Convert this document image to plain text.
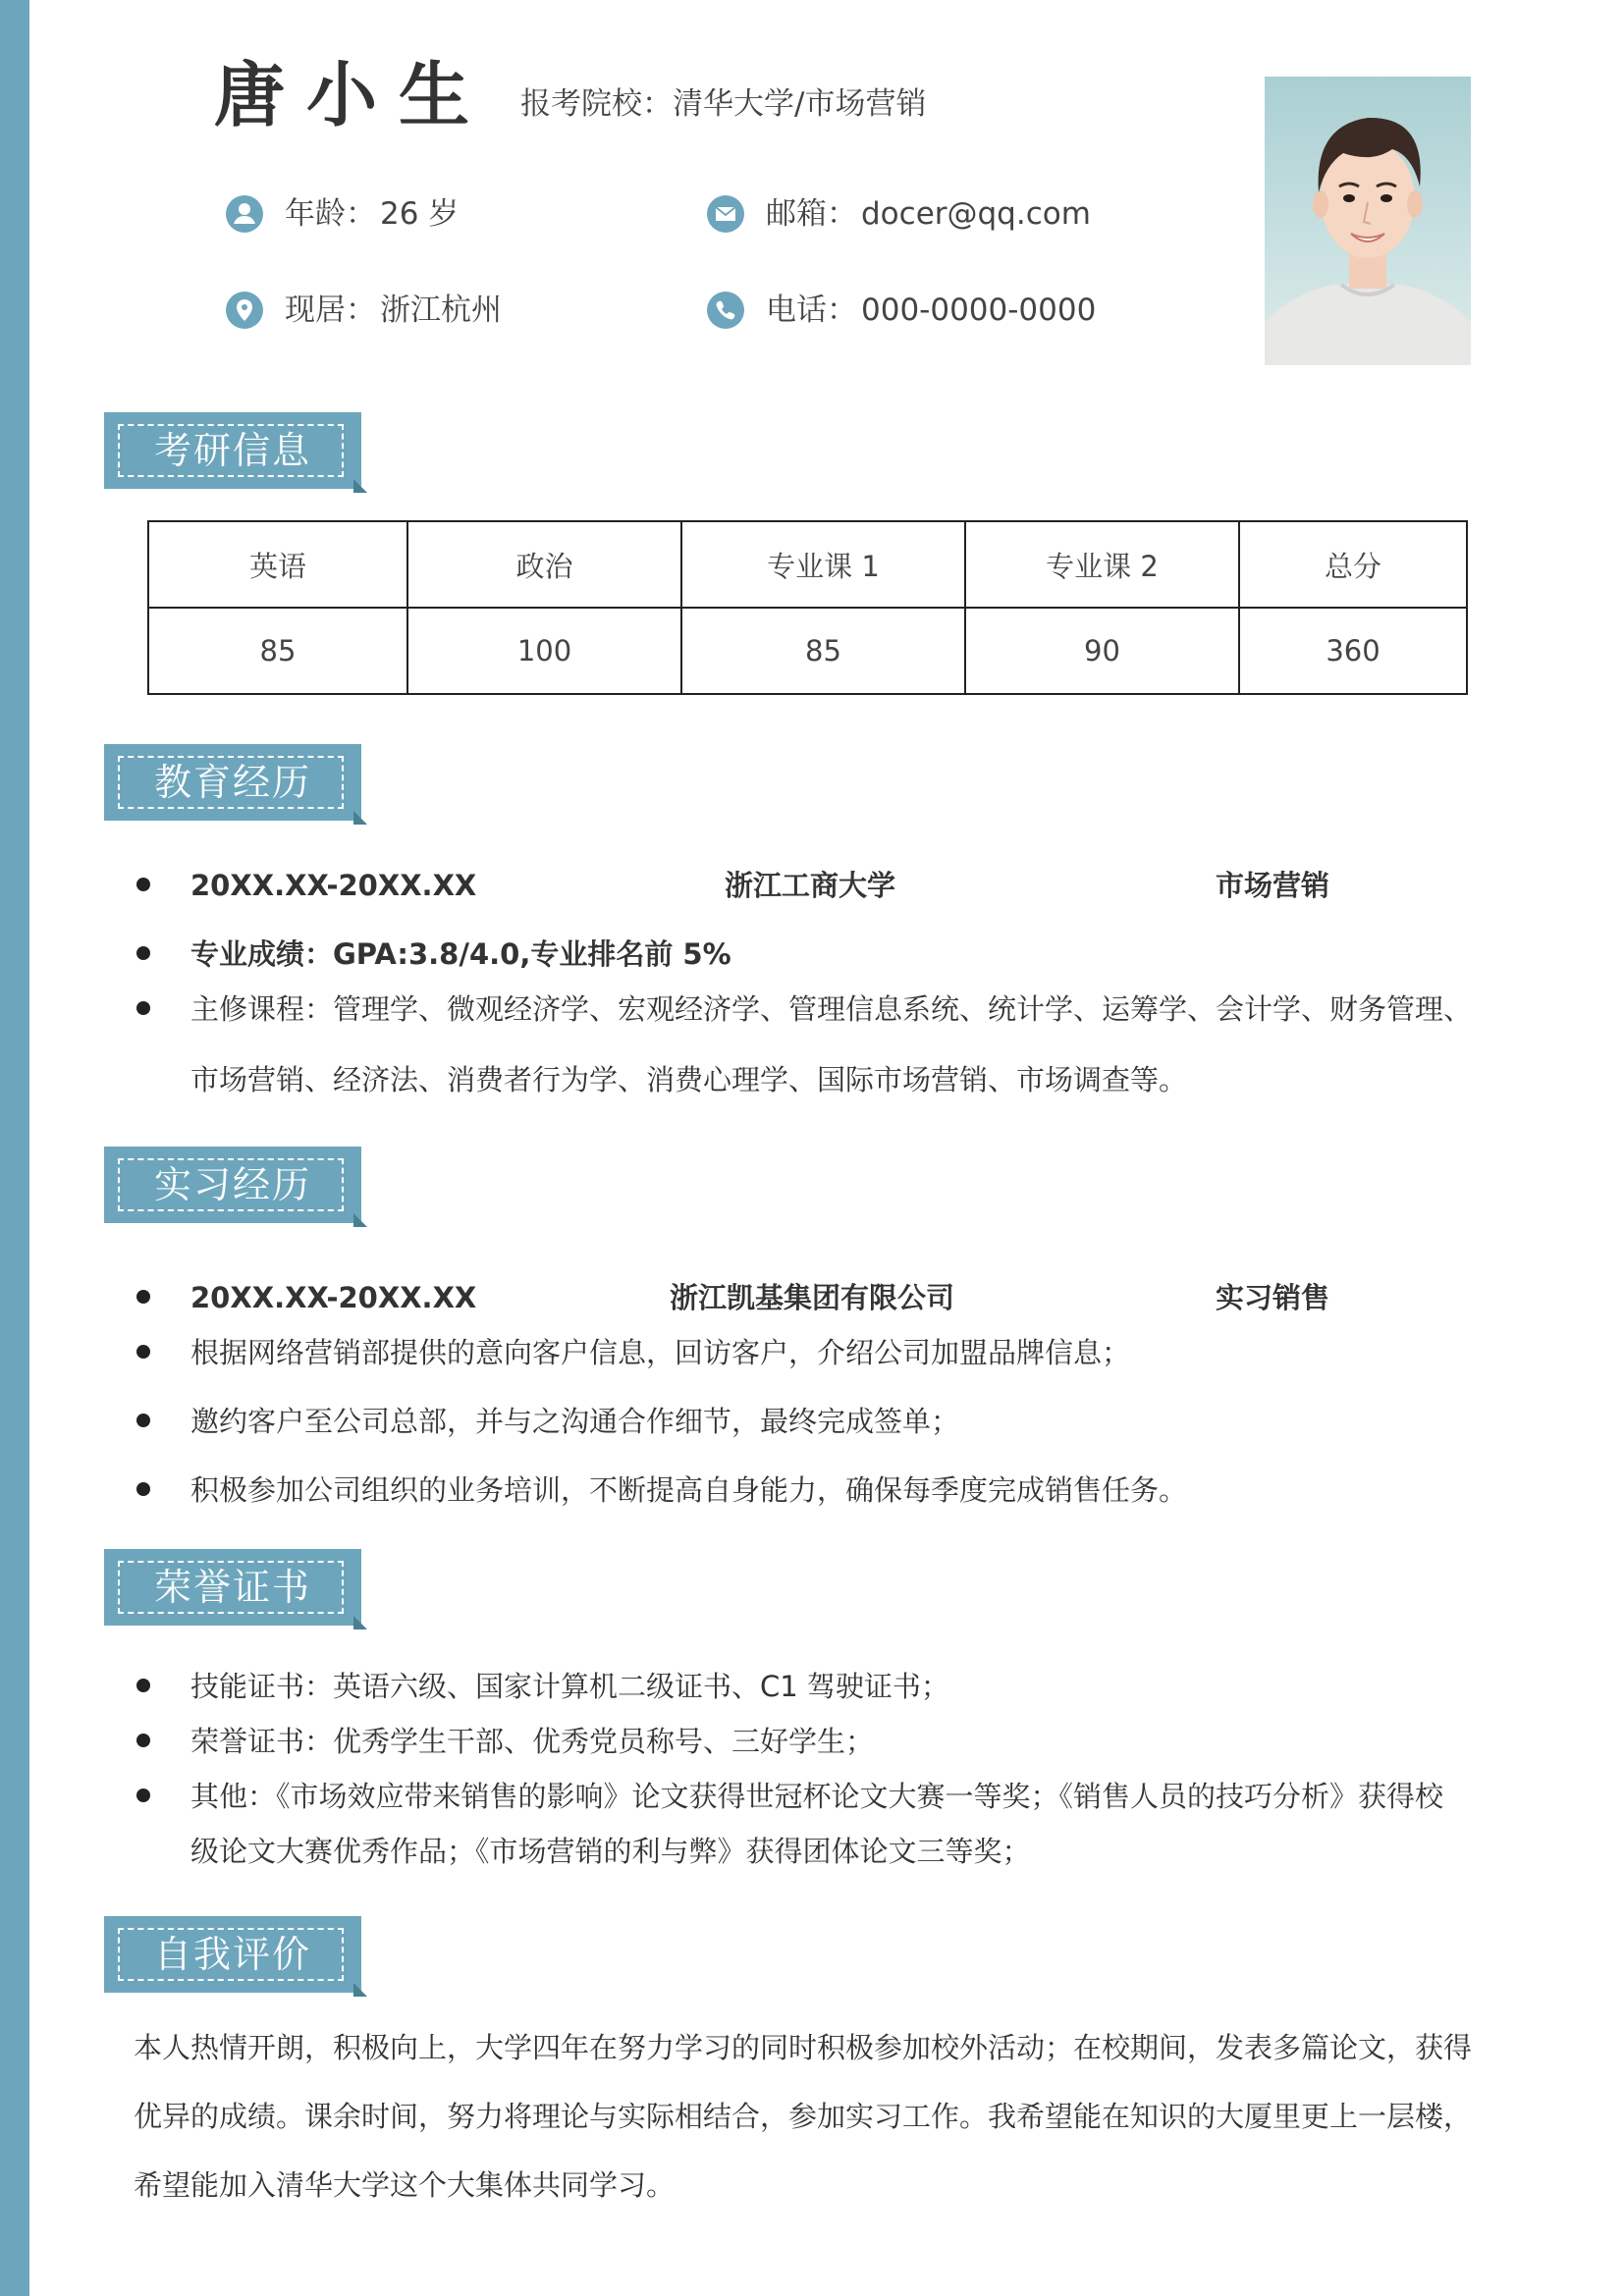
唐小生 报考院校：清华大学/市场营销
年龄： 26 岁	邮箱： docer@qq.com
现居： 浙江杭州	电话： 000-0000-0000
考研信息
英语	政治	专业课 1	专业课 2	总分
85	100	85	90	360
教育经历
20XX.XX-20XX.XX	浙江工商大学	市场营销
专业成绩：GPA:3.8/4.0,专业排名前 5%
主修课程：管理学、微观经济学、宏观经济学、管理信息系统、统计学、运筹学、会计学、财务管理、
市场营销、经济法、消费者行为学、消费心理学、国际市场营销、市场调查等。
实习经历
20XX.XX-20XX.XX	浙江凯基集团有限公司	实习销售
根据网络营销部提供的意向客户信息，回访客户，介绍公司加盟品牌信息；
邀约客户至公司总部，并与之沟通合作细节，最终完成签单；
积极参加公司组织的业务培训，不断提高自身能力，确保每季度完成销售任务。
荣誉证书
技能证书：英语六级、国家计算机二级证书、C1 驾驶证书；
荣誉证书：优秀学生干部、优秀党员称号、三好学生；
其他：《市场效应带来销售的影响》论文获得世冠杯论文大赛一等奖；《销售人员的技巧分析》获得校
级论文大赛优秀作品；《市场营销的利与弊》获得团体论文三等奖；
自我评价
本人热情开朗，积极向上，大学四年在努力学习的同时积极参加校外活动；在校期间，发表多篇论文，获得
优异的成绩。课余时间，努力将理论与实际相结合，参加实习工作。我希望能在知识的大厦里更上一层楼，
希望能加入清华大学这个大集体共同学习。
